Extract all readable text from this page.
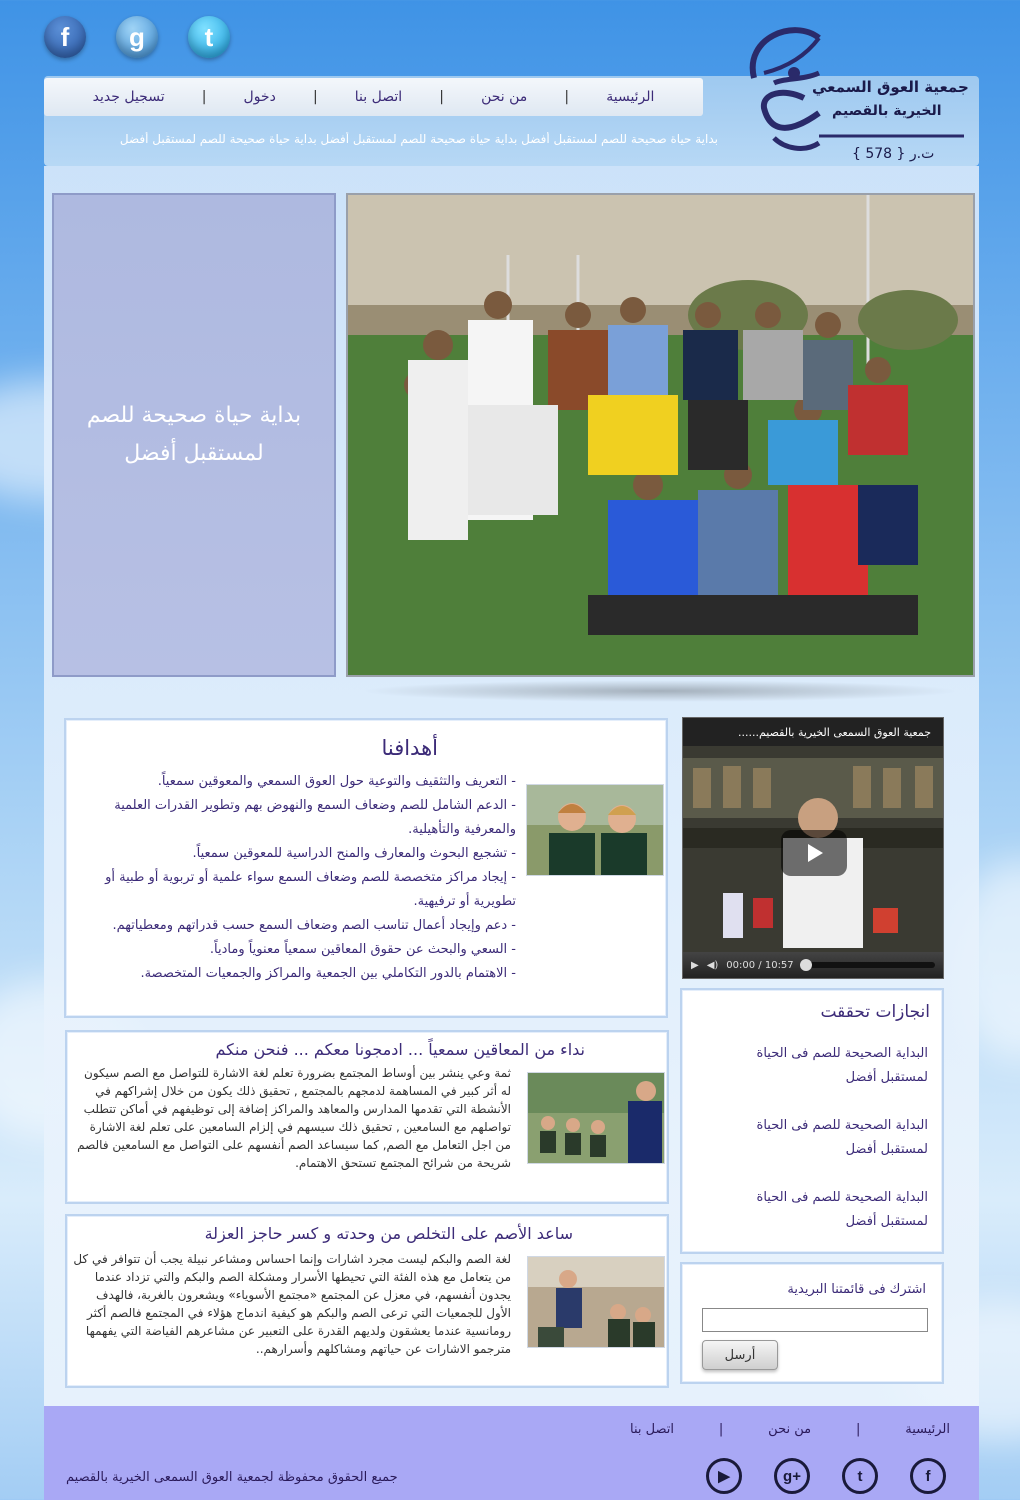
f	g	t
الرئيسية
|
من نحن
|
اتصل بنا
|
دخول
|
تسجيل جديد
بداية حياة صحيحة للصم لمستقبل أفضل بداية حياة صحيحة للصم لمستقبل أفضل بداية حياة صحيحة للصم لمستقبل أفضل
جمعية العوق السمعي
الخيرية بالقصيم
ت.ر { 578 }
بداية حياة صحيحة للصم لمستقبل أفضل
أهدافنا
- التعريف والتثقيف والتوعية حول العوق السمعي والمعوقين سمعياً.
- الدعم الشامل للصم وضعاف السمع والنهوض بهم وتطوير القدرات العلمية والمعرفية والتأهيلية.
- تشجيع البحوث والمعارف والمنح الدراسية للمعوقين سمعياً.
- إيجاد مراكز متخصصة للصم وضعاف السمع سواء علمية أو تربوية أو طبية أو تطويرية أو ترفيهية.
- دعم وإيجاد أعمال تناسب الصم وضعاف السمع حسب قدراتهم ومعطياتهم.
- السعي والبحث عن حقوق المعاقين سمعياً معنوياً ومادياً.
- الاهتمام بالدور التكاملي بين الجمعية والمراكز والجمعيات المتخصصة.
نداء من المعاقين سمعياً ... ادمجونا معكم ... فنحن منكم

ثمة وعي ينشر بين أوساط المجتمع بضرورة تعلم لغة الاشارة للتواصل مع الصم سيكون له أثر كبير في المساهمة لدمجهم بالمجتمع , تحقيق ذلك يكون من خلال إشراكهم في الأنشطة التي تقدمها المدارس والمعاهد والمراكز إضافة إلى توظيفهم في أماكن تتطلب تواصلهم مع السامعين , تحقيق ذلك سيسهم في إلزام السامعين على تعلم لغة الاشارة من اجل التعامل مع الصم, كما سيساعد الصم أنفسهم على التواصل مع السامعين فالصم شريحة من شرائح المجتمع تستحق الاهتمام.

ساعد الأصم على التخلص من وحدته و كسر حاجز العزلة

لغة الصم والبكم ليست مجرد اشارات وإنما احساس ومشاعر نبيلة يجب أن تتوافر في كل من يتعامل مع هذه الفئة التي تحيطها الأسرار ومشكلة الصم والبكم والتي تزداد عندما يجدون أنفسهم، في معزل عن المجتمع «مجتمع الأسوياء» ويشعرون بالغربة، فالهدف الأول للجمعيات التي ترعى الصم والبكم هو كيفية اندماج هؤلاء في المجتمع فالصم أكثر رومانسية عندما يعشقون ولديهم القدرة على التعبير عن مشاعرهم الفياضة التي يفهمها مترجمو الاشارات عن حياتهم ومشاكلهم وأسرارهم..

جمعية العوق السمعى الخيرية بالقصيم......
▶ ◀) 00:00 / 10:57
انجازات تحققت
البداية الصحيحة للصم فى الحياة لمستقبل أفضل
البداية الصحيحة للصم فى الحياة لمستقبل أفضل
البداية الصحيحة للصم فى الحياة لمستقبل أفضل
اشترك فى قائمتنا البريدية
أرسل
الرئيسية
|
من نحن
|
اتصل بنا
جميع الحقوق محفوظة لجمعية العوق السمعى الخيرية بالقصيم	▶	g+	t	f
